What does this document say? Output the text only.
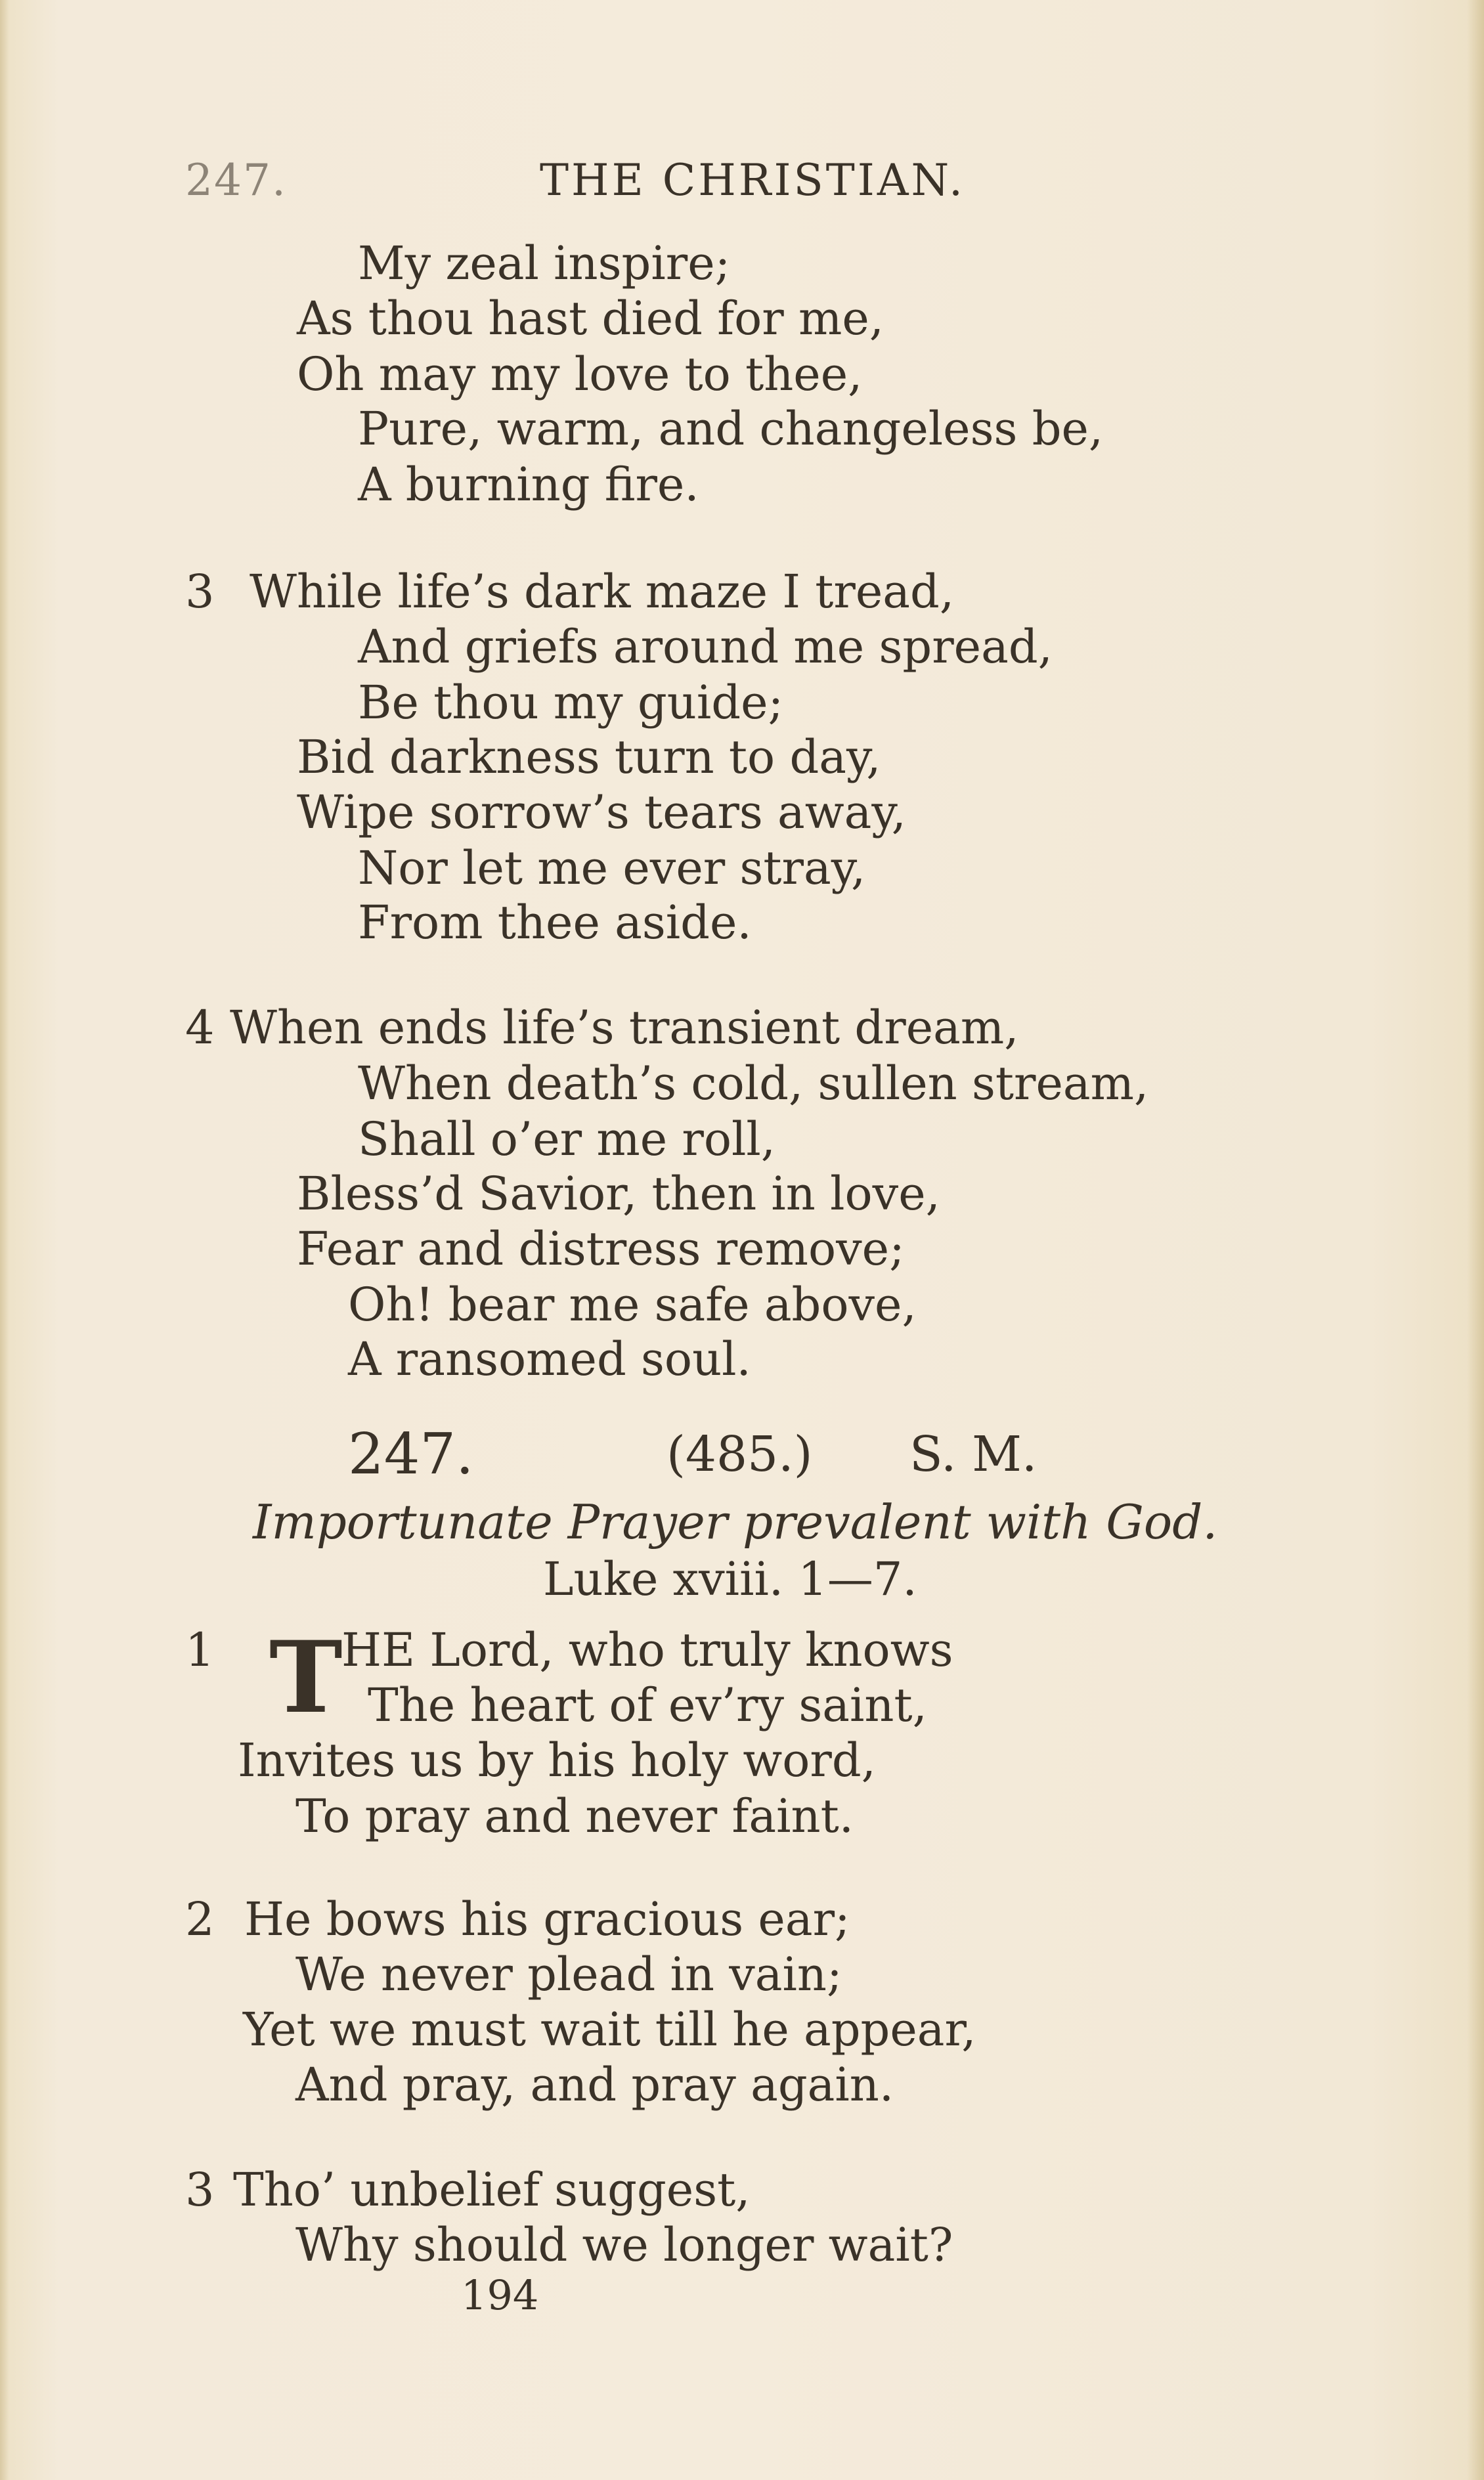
247.	THE CHRISTIAN.
My zeal inspire;
As thou hast died for me,
Oh may my love to thee,
Pure, warm, and changeless be,
A burning fire.
3 While life’s dark maze I tread,
And griefs around me spread,
Be thou my guide;
Bid darkness turn to day,
Wipe sorrow’s tears away,
Nor let me ever stray,
From thee aside.
4 When ends life’s transient dream,
When death’s cold, sullen stream,
Shall o’er me roll,
Bless’d Savior, then in love,
Fear and distress remove;
Oh! bear me safe above,
A ransomed soul.
247.	(485.) S. M.
Importunate Prayer prevalent with God.
Luke xviii. 1—7.
1 T
HE Lord, who truly knows
The heart of ev’ry saint,
Invites us by his holy word,
To pray and never faint.
2 He bows his gracious ear;
We never plead in vain;
Yet we must wait till he appear,
And pray, and pray again.
3 Tho’ unbelief suggest,
Why should we longer wait?
194
